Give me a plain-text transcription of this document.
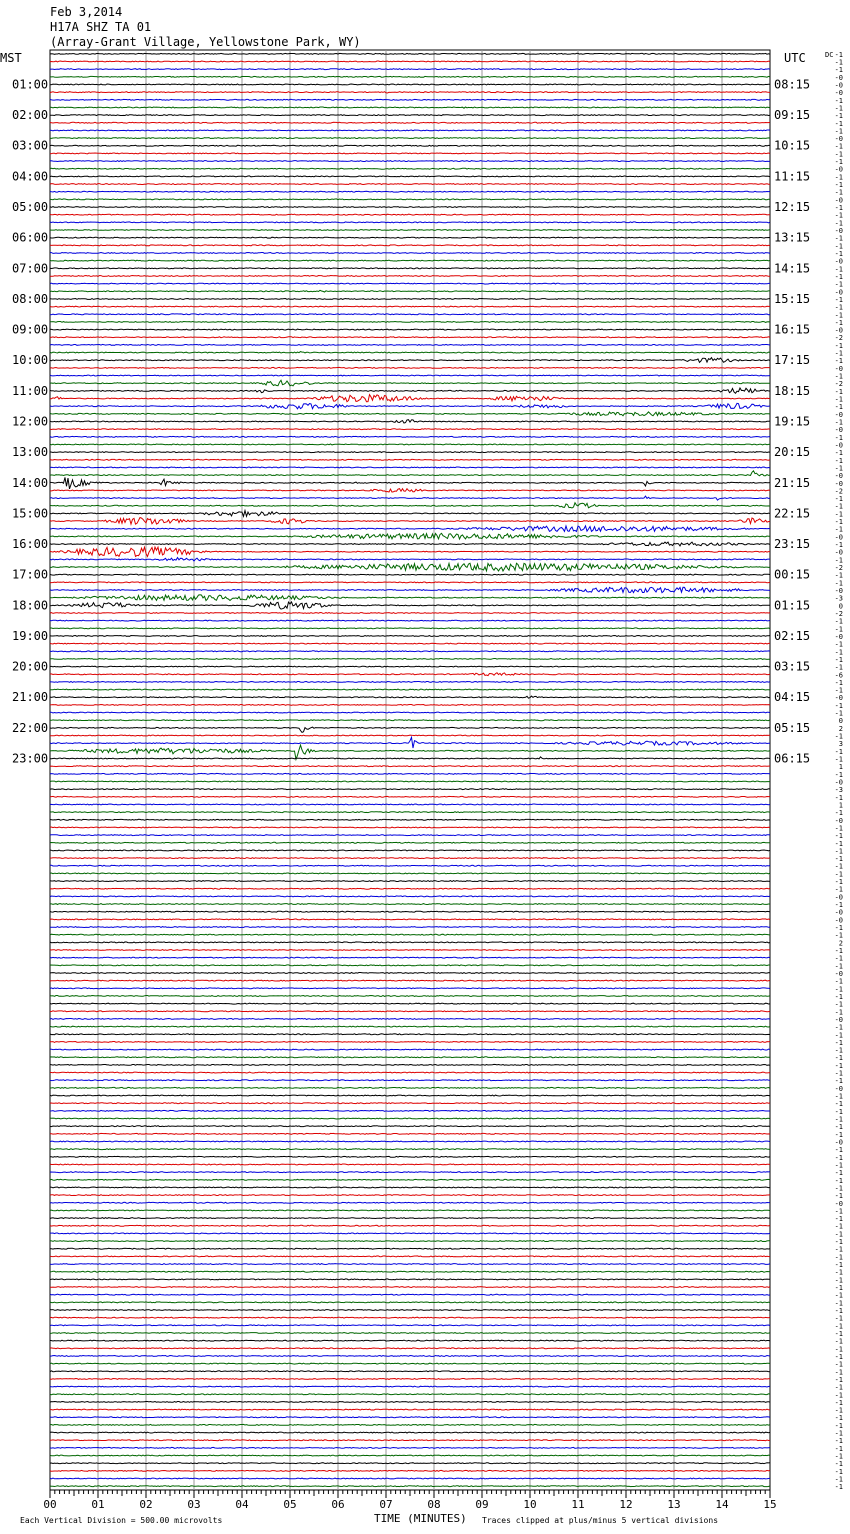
Feb 3,2014
H17A SHZ TA 01
(Array-Grant Village, Yellowstone Park, WY)
MST	UTC	DC
01:00
02:00
03:00
04:00
05:00
06:00
07:00
08:00
09:00
10:00
11:00
12:00
13:00
14:00
15:00
16:00
17:00
18:00
19:00
20:00
21:00
22:00
23:00
08:15
09:15
10:15
11:15
12:15
13:15
14:15
15:15
16:15
17:15
18:15
19:15
20:15
21:15
22:15
23:15
00:15
01:15
02:15
03:15
04:15
05:15
06:15
-1
-1
-1
-0
-0
-0
-1
-1
-1
-1
-1
-0
-1
-1
-1
-0
-1
-1
-1
-0
-1
-1
-1
-0
-1
-1
-1
-0
-1
-1
-1
-0
-1
-1
-1
-1
-0
-2
-1
-1
-1
-0
-1
-2
-1
-1
-1
-0
-1
-0
-1
-0
-1
-1
-1
-0
-0
-2
-1
-1
-1
-1
-1
-0
-1
-0
-1
-2
-1
-1
-0
-3
0
-2
-1
-1
-0
-1
-1
-1
-1
-6
-1
-1
-0
-1
-1
0
2
-1
3
-1
-1
1
-1
-0
-3
-1
1
-1
-0
-1
-1
-1
-1
-1
-1
-1
-1
-1
-0
-1
-0
-0
-1
-1
2
-1
-1
-1
-0
-1
-1
-1
-1
-1
-0
-1
-1
-1
-1
-1
-1
-1
-1
-0
-1
-1
-1
-1
-1
-1
-0
-1
-1
-1
-1
-1
-1
-1
-0
-1
-1
-1
-1
-1
-1
-1
-1
-1
-1
-1
-1
-1
-1
-1
-1
-1
-1
-1
-1
-1
-1
-1
-1
-1
-1
-1
-1
-1
-1
-1
-1
-1
-1
-1
-1
-1
00	01	02	03	04	05	06	07	08	09	10	11	12	13	14	15
Each Vertical Division = 500.00 microvolts	TIME (MINUTES) Traces clipped at plus/minus 5 vertical divisions
